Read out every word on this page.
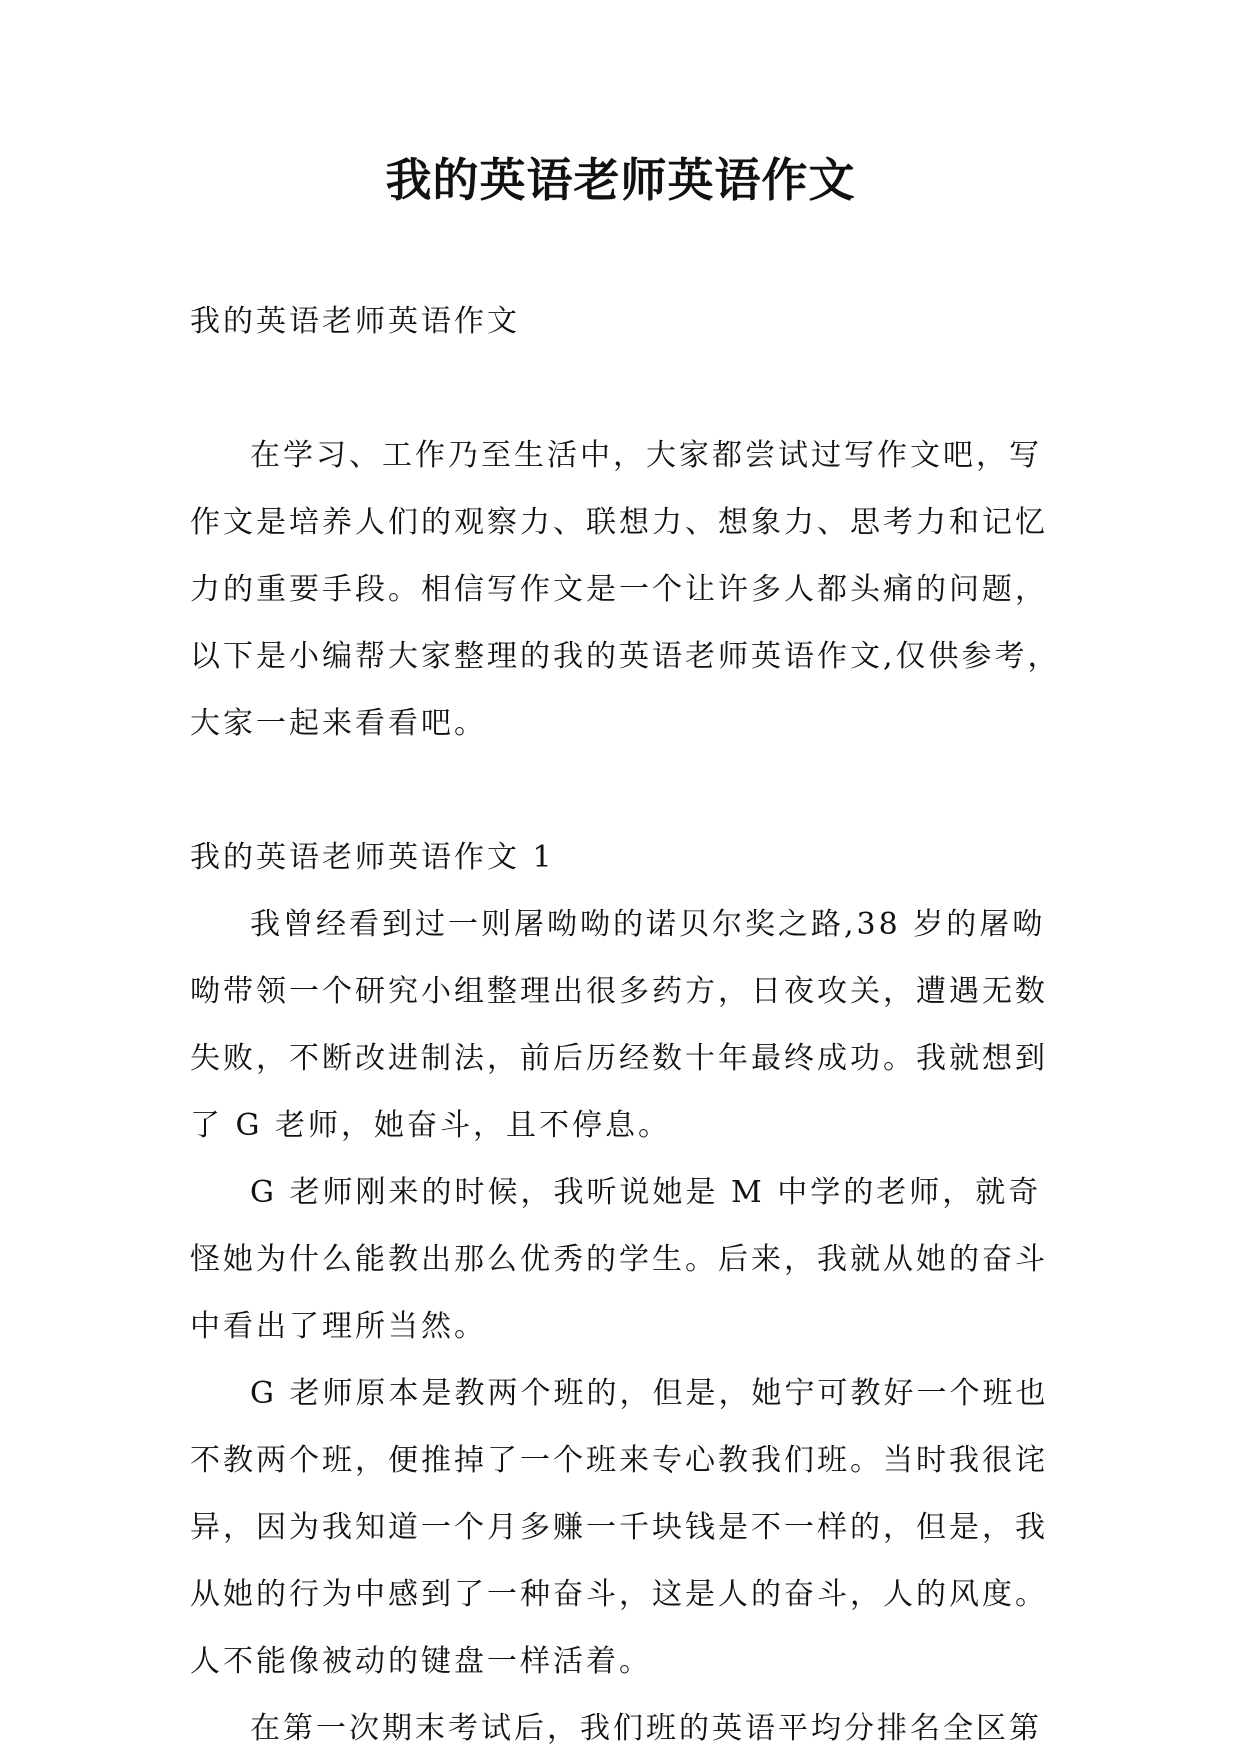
我的英语老师英语作文

我的英语老师英语作文

在学习、工作乃至生活中，大家都尝试过写作文吧，写作文是培养人们的观察力、联想力、想象力、思考力和记忆力的重要手段。相信写作文是一个让许多人都头痛的问题，以下是小编帮大家整理的我的英语老师英语作文,仅供参考，大家一起来看看吧。

我的英语老师英语作文 1

我曾经看到过一则屠呦呦的诺贝尔奖之路,38 岁的屠呦呦带领一个研究小组整理出很多药方，日夜攻关，遭遇无数失败，不断改进制法，前后历经数十年最终成功。我就想到了 G 老师，她奋斗，且不停息。

G 老师刚来的时候，我听说她是 M 中学的老师，就奇怪她为什么能教出那么优秀的学生。后来，我就从她的奋斗中看出了理所当然。

G 老师原本是教两个班的，但是，她宁可教好一个班也不教两个班，便推掉了一个班来专心教我们班。当时我很诧异，因为我知道一个月多赚一千块钱是不一样的，但是，我从她的行为中感到了一种奋斗，这是人的奋斗，人的风度。人不能像被动的键盘一样活着。

在第一次期末考试后，我们班的英语平均分排名全区第
